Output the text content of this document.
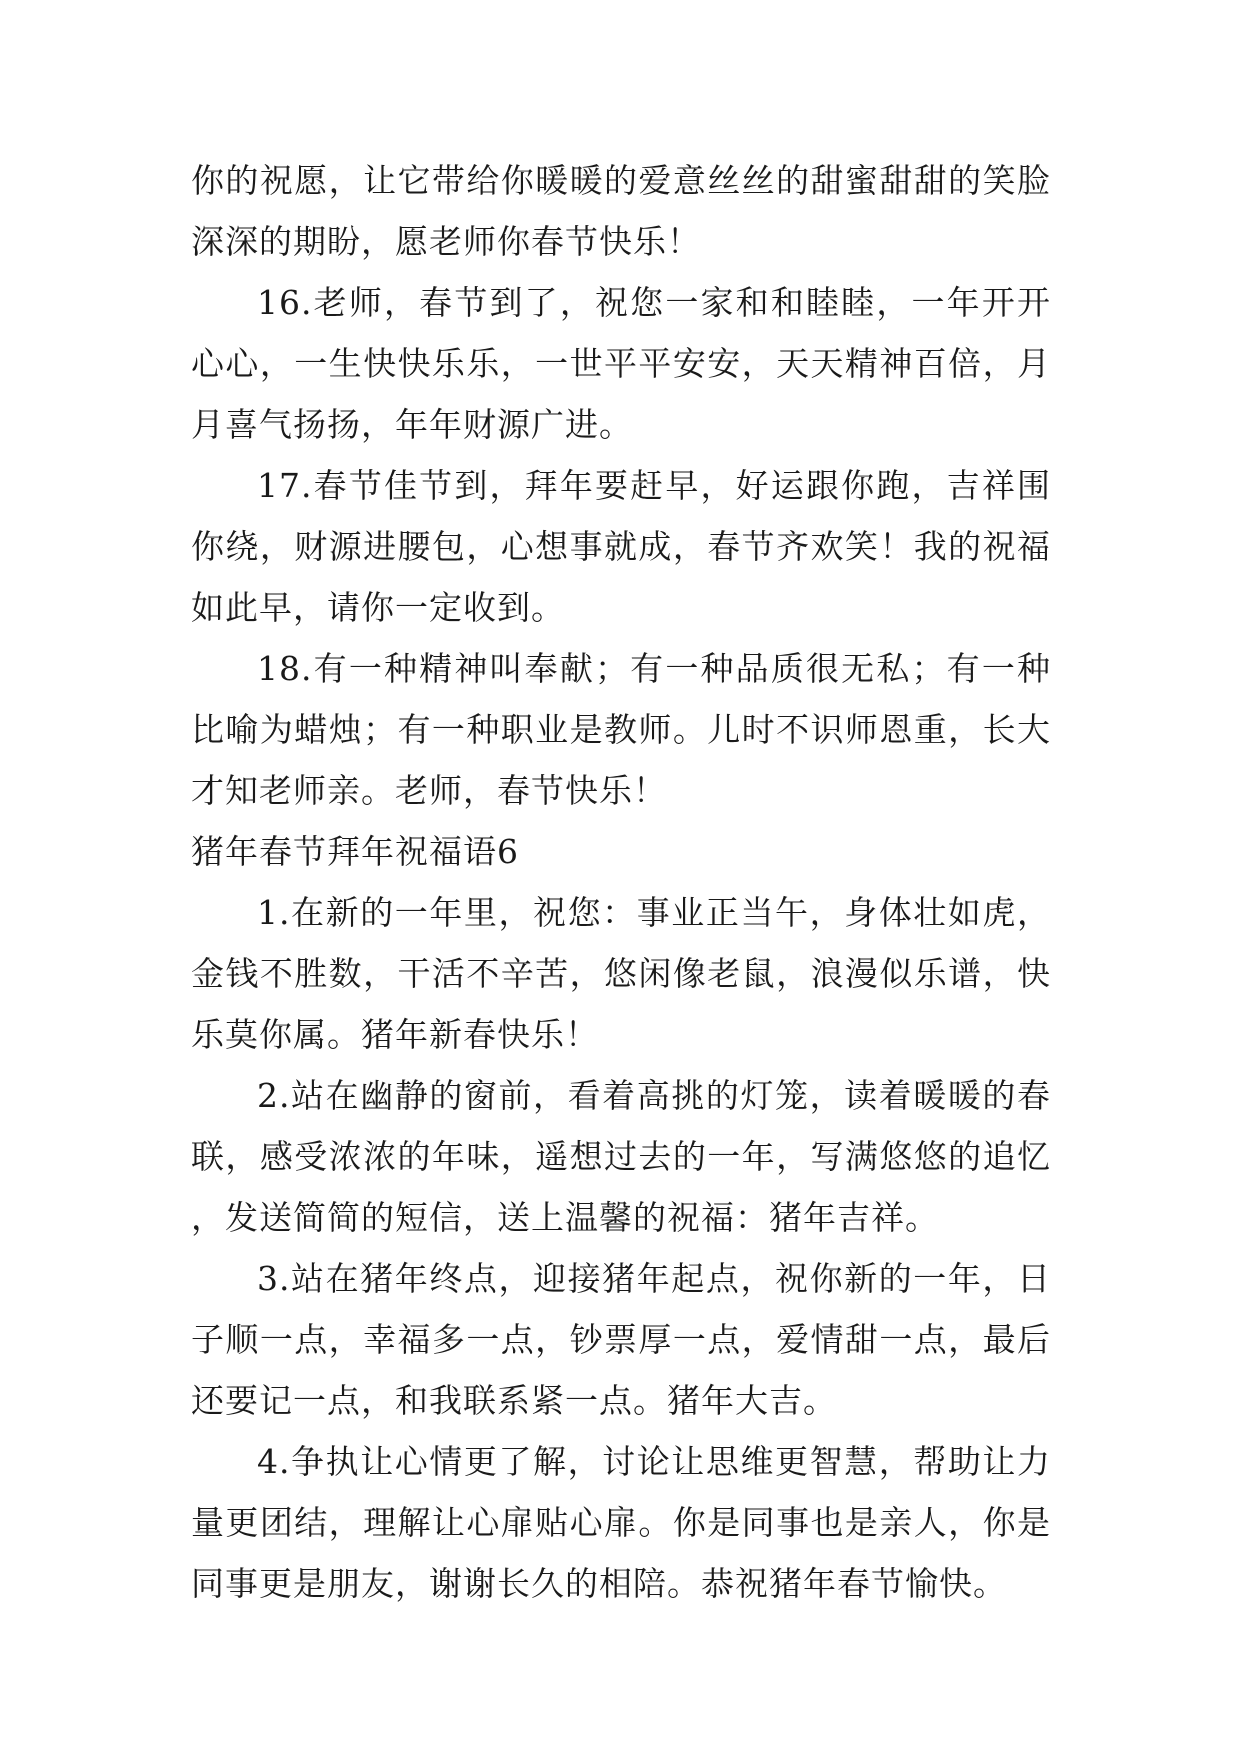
你的祝愿，让它带给你暖暖的爱意丝丝的甜蜜甜甜的笑脸深深的期盼，愿老师你春节快乐！

16.老师，春节到了，祝您一家和和睦睦，一年开开心心，一生快快乐乐，一世平平安安，天天精神百倍，月月喜气扬扬，年年财源广进。

17.春节佳节到，拜年要赶早，好运跟你跑，吉祥围你绕，财源进腰包，心想事就成，春节齐欢笑！我的祝福如此早，请你一定收到。

18.有一种精神叫奉献；有一种品质很无私；有一种比喻为蜡烛；有一种职业是教师。儿时不识师恩重，长大才知老师亲。老师，春节快乐！

猪年春节拜年祝福语6

1.在新的一年里，祝您：事业正当午，身体壮如虎，金钱不胜数，干活不辛苦，悠闲像老鼠，浪漫似乐谱，快乐莫你属。猪年新春快乐！

2.站在幽静的窗前，看着高挑的灯笼，读着暖暖的春联，感受浓浓的年味，遥想过去的一年，写满悠悠的追忆，发送简简的短信，送上温馨的祝福：猪年吉祥。

3.站在猪年终点，迎接猪年起点，祝你新的一年，日子顺一点，幸福多一点，钞票厚一点，爱情甜一点，最后还要记一点，和我联系紧一点。猪年大吉。

4.争执让心情更了解，讨论让思维更智慧，帮助让力量更团结，理解让心扉贴心扉。你是同事也是亲人，你是同事更是朋友，谢谢长久的相陪。恭祝猪年春节愉快。
